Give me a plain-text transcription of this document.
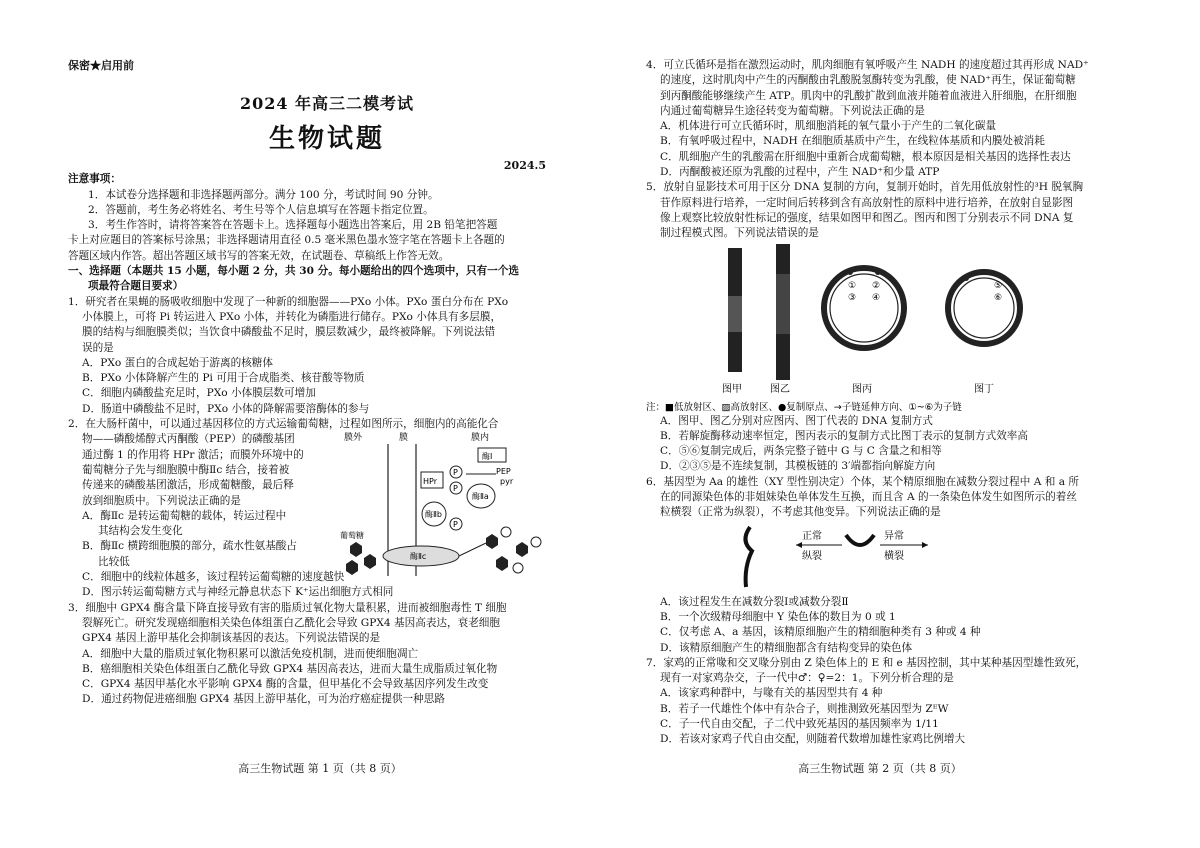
保密★启用前
2024 年高三二模考试
生物试题
2024.5
注意事项：
1．本试卷分选择题和非选择题两部分。满分 100 分，考试时间 90 分钟。
2．答题前，考生务必将姓名、考生号等个人信息填写在答题卡指定位置。
3．考生作答时，请将答案答在答题卡上。选择题每小题选出答案后，用 2B 铅笔把答题
卡上对应题目的答案标号涂黑；非选择题请用直径 0.5 毫米黑色墨水签字笔在答题卡上各题的
答题区域内作答。超出答题区域书写的答案无效，在试题卷、草稿纸上作答无效。
一、选择题（本题共 15 小题，每小题 2 分，共 30 分。每小题给出的四个选项中，只有一个选
项最符合题目要求）
1．研究者在果蝇的肠吸收细胞中发现了一种新的细胞器——PXo 小体。PXo 蛋白分布在 PXo
小体膜上，可将 Pi 转运进入 PXo 小体，并转化为磷脂进行储存。PXo 小体具有多层膜，
膜的结构与细胞膜类似；当饮食中磷酸盐不足时，膜层数减少，最终被降解。下列说法错
误的是
A．PXo 蛋白的合成起始于游离的核糖体
B．PXo 小体降解产生的 Pi 可用于合成脂类、核苷酸等物质
C．细胞内磷酸盐充足时，PXo 小体膜层数可增加
D．肠道中磷酸盐不足时，PXo 小体的降解需要溶酶体的参与
2．在大肠杆菌中，可以通过基因移位的方式运输葡萄糖，过程如图所示，细胞内的高能化合
物——磷酸烯醇式丙酮酸（PEP）的磷酸基团
通过酶 1 的作用将 HPr 激活；而膜外环境中的
葡萄糖分子先与细胞膜中酶Ⅱc 结合，接着被
传递来的磷酸基团激活，形成葡糖酸，最后释
放到细胞质中。下列说法正确的是
A．酶Ⅱc 是转运葡萄糖的载体，转运过程中
其结构会发生变化
B．酶Ⅱc 横跨细胞膜的部分，疏水性氨基酸占
比较低
膜外	膜	膜内
酶Ⅰ
HPr
P
P
PEP
pyr
酶Ⅱa
酶Ⅱb
P
酶Ⅱc
葡萄糖
C．细胞中的线粒体越多，该过程转运葡萄糖的速度越快
D．图示转运葡萄糖方式与神经元静息状态下 K⁺运出细胞方式相同
3．细胞中 GPX4 酶含量下降直接导致有害的脂质过氧化物大量积累，进而被细胞毒性 T 细胞
裂解死亡。研究发现癌细胞相关染色体组蛋白乙酰化会导致 GPX4 基因高表达，衰老细胞
GPX4 基因上游甲基化会抑制该基因的表达。下列说法错误的是
A．细胞中大量的脂质过氧化物积累可以激活免疫机制，进而使细胞凋亡
B．癌细胞相关染色体组蛋白乙酰化导致 GPX4 基因高表达，进而大量生成脂质过氧化物
C．GPX4 基因甲基化水平影响 GPX4 酶的含量，但甲基化不会导致基因序列发生改变
D．通过药物促进癌细胞 GPX4 基因上游甲基化，可为治疗癌症提供一种思路
高三生物试题 第 1 页（共 8 页）
4．可立氏循环是指在激烈运动时，肌肉细胞有氧呼吸产生 NADH 的速度超过其再形成 NAD⁺
的速度，这时肌肉中产生的丙酮酸由乳酸脱氢酶转变为乳酸，使 NAD⁺再生，保证葡萄糖
到丙酮酸能够继续产生 ATP。肌肉中的乳酸扩散到血液并随着血液进入肝细胞，在肝细胞
内通过葡萄糖异生途径转变为葡萄糖。下列说法正确的是
A．机体进行可立氏循环时，肌细胞消耗的氧气量小于产生的二氧化碳量
B．有氧呼吸过程中，NADH 在细胞质基质中产生，在线粒体基质和内膜处被消耗
C．肌细胞产生的乳酸需在肝细胞中重新合成葡萄糖，根本原因是相关基因的选择性表达
D．丙酮酸被还原为乳酸的过程中，产生 NAD⁺和少量 ATP
5．放射自显影技术可用于区分 DNA 复制的方向，复制开始时，首先用低放射性的³H 脱氧胸
苷作原料进行培养，一定时间后转移到含有高放射性的原料中进行培养，在放射自显影图
像上观察比较放射性标记的强度，结果如图甲和图乙。图丙和图丁分别表示不同 DNA 复
制过程模式图。下列说法错误的是
① ②
③ ④
⑤
⑥
图甲	图乙	图丙	图丁
注：■低放射区、▨高放射区、●复制原点、→子链延伸方向、①~⑥为子链
A．图甲、图乙分别对应图丙、图丁代表的 DNA 复制方式
B．若解旋酶移动速率恒定，图丙表示的复制方式比图丁表示的复制方式效率高
C．⑤⑥复制完成后，两条完整子链中 G 与 C 含量之和相等
D．②③⑤是不连续复制，其模板链的 3′端都指向解旋方向
6．基因型为 Aa 的雄性（XY 型性别决定）个体，某个精原细胞在减数分裂过程中 A 和 a 所
在的同源染色体的非姐妹染色单体发生互换，而且含 A 的一条染色体发生如图所示的着丝
粒横裂（正常为纵裂），不考虑其他变异。下列说法正确的是
正常
纵裂
异常
横裂
A．该过程发生在减数分裂Ⅰ或减数分裂Ⅱ
B．一个次级精母细胞中 Y 染色体的数目为 0 或 1
C．仅考虑 A、a 基因，该精原细胞产生的精细胞种类有 3 种或 4 种
D．该精原细胞产生的精细胞都含有结构变异的染色体
7．家鸡的正常喙和交叉喙分别由 Z 染色体上的 E 和 e 基因控制，其中某种基因型雄性致死，
现有一对家鸡杂交，子一代中♂：♀=2：1。下列分析合理的是
A．该家鸡种群中，与喙有关的基因型共有 4 种
B．若子一代雄性个体中有杂合子，则推测致死基因型为 ZᴱW
C．子一代自由交配，子二代中致死基因的基因频率为 1/11
D．若该对家鸡子代自由交配，则随着代数增加雄性家鸡比例增大
高三生物试题 第 2 页（共 8 页）
